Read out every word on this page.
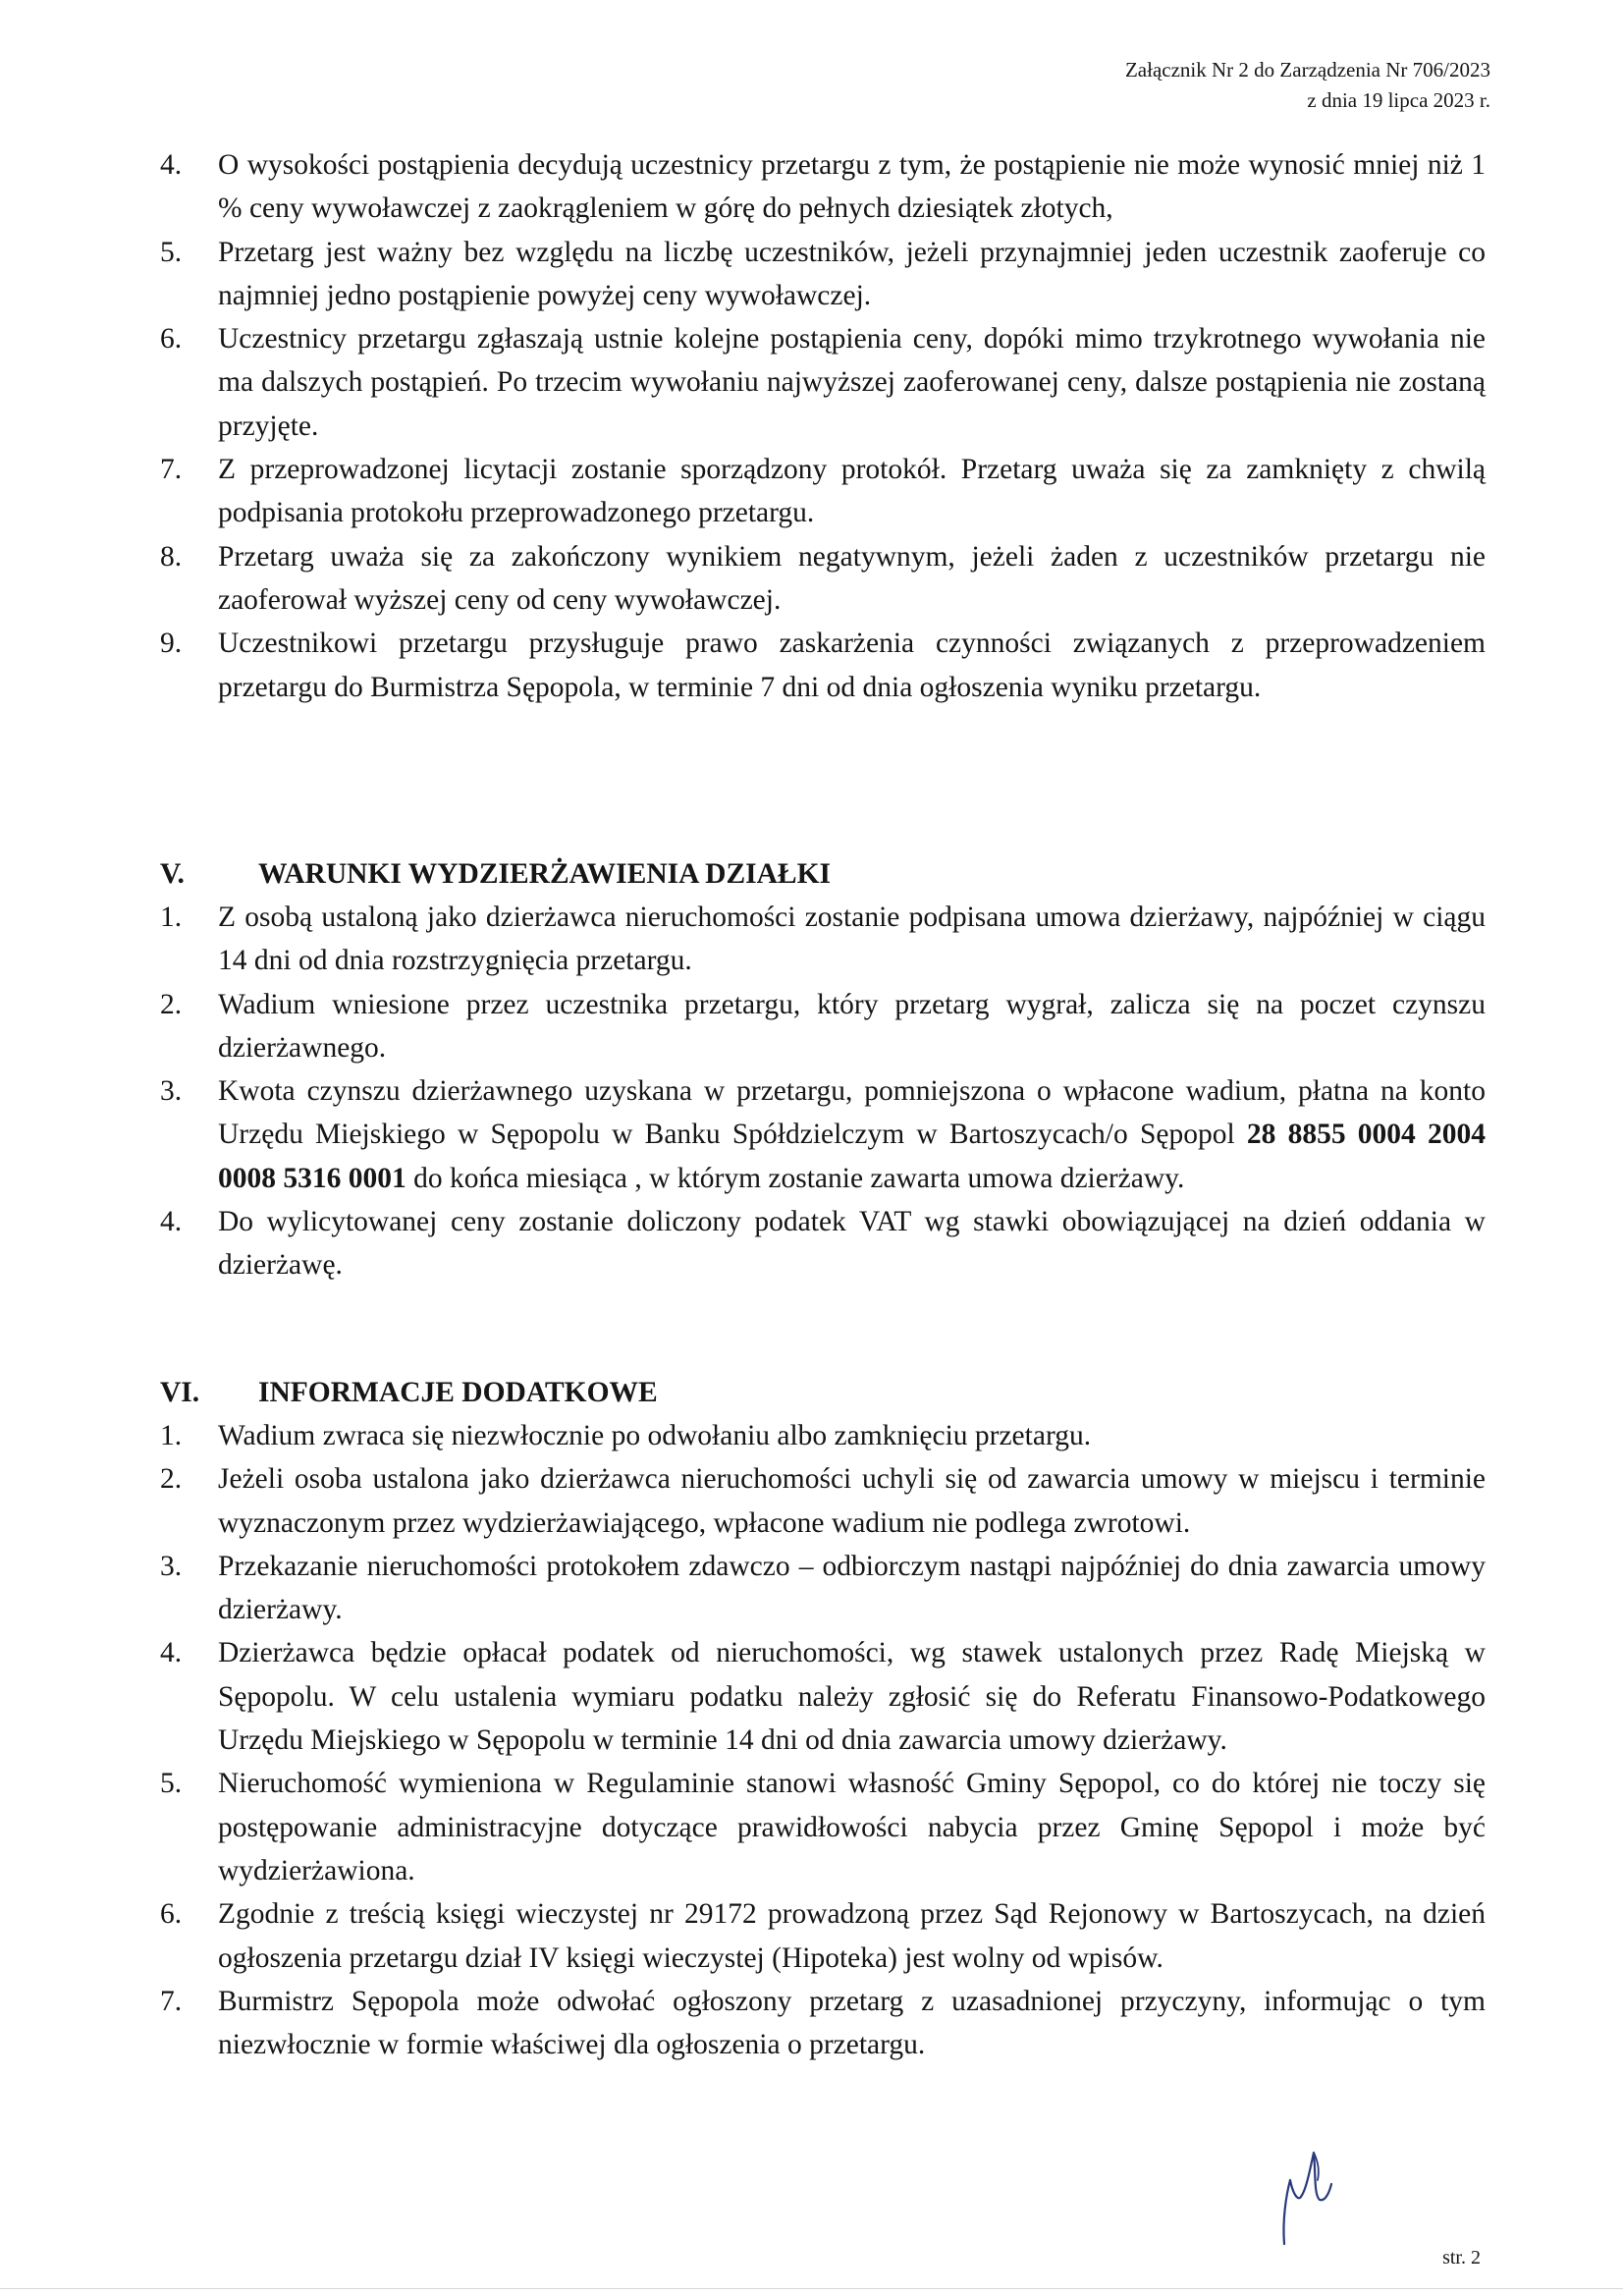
Załącznik Nr 2 do Zarządzenia Nr 706/2023
z dnia 19 lipca 2023 r.
4. O wysokości postąpienia decydują uczestnicy przetargu z tym, że postąpienie nie może wynosić mniej niż 1 % ceny wywoławczej z zaokrągleniem w górę do pełnych dziesiątek złotych,
5. Przetarg jest ważny bez względu na liczbę uczestników, jeżeli przynajmniej jeden uczestnik zaoferuje co najmniej jedno postąpienie powyżej ceny wywoławczej.
6. Uczestnicy przetargu zgłaszają ustnie kolejne postąpienia ceny, dopóki mimo trzykrotnego wywołania nie ma dalszych postąpień. Po trzecim wywołaniu najwyższej zaoferowanej ceny, dalsze postąpienia nie zostaną przyjęte.
7. Z przeprowadzonej licytacji zostanie sporządzony protokół. Przetarg uważa się za zamknięty z chwilą podpisania protokołu przeprowadzonego przetargu.
8. Przetarg uważa się za zakończony wynikiem negatywnym, jeżeli żaden z uczestników przetargu nie zaoferował wyższej ceny od ceny wywoławczej.
9. Uczestnikowi przetargu przysługuje prawo zaskarżenia czynności związanych z przeprowadzeniem przetargu do Burmistrza Sępopola, w terminie 7 dni od dnia ogłoszenia wyniku przetargu.
V.	WARUNKI WYDZIERŻAWIENIA DZIAŁKI
1. Z osobą ustaloną jako dzierżawca nieruchomości zostanie podpisana umowa dzierżawy, najpóźniej w ciągu 14 dni od dnia rozstrzygnięcia przetargu.
2. Wadium wniesione przez uczestnika przetargu, który przetarg wygrał, zalicza się na poczet czynszu dzierżawnego.
3. Kwota czynszu dzierżawnego uzyskana w przetargu, pomniejszona o wpłacone wadium, płatna na konto Urzędu Miejskiego w Sępopolu w Banku Spółdzielczym w Bartoszycach/o Sępopol 28 8855 0004 2004 0008 5316 0001 do końca miesiąca , w którym zostanie zawarta umowa dzierżawy.
4. Do wylicytowanej ceny zostanie doliczony podatek VAT wg stawki obowiązującej na dzień oddania w dzierżawę.
VI. INFORMACJE DODATKOWE
1. Wadium zwraca się niezwłocznie po odwołaniu albo zamknięciu przetargu.
2. Jeżeli osoba ustalona jako dzierżawca nieruchomości uchyli się od zawarcia umowy w miejscu i terminie wyznaczonym przez wydzierżawiającego, wpłacone wadium nie podlega zwrotowi.
3. Przekazanie nieruchomości protokołem zdawczo – odbiorczym nastąpi najpóźniej do dnia zawarcia umowy dzierżawy.
4. Dzierżawca będzie opłacał podatek od nieruchomości, wg stawek ustalonych przez Radę Miejską w Sępopolu. W celu ustalenia wymiaru podatku należy zgłosić się do Referatu Finansowo-Podatkowego Urzędu Miejskiego w Sępopolu w terminie 14 dni od dnia zawarcia umowy dzierżawy.
5. Nieruchomość wymieniona w Regulaminie stanowi własność Gminy Sępopol, co do której nie toczy się postępowanie administracyjne dotyczące prawidłowości nabycia przez Gminę Sępopol i może być wydzierżawiona.
6. Zgodnie z treścią księgi wieczystej nr 29172 prowadzoną przez Sąd Rejonowy w Bartoszycach, na dzień ogłoszenia przetargu dział IV księgi wieczystej (Hipoteka) jest wolny od wpisów.
7. Burmistrz Sępopola może odwołać ogłoszony przetarg z uzasadnionej przyczyny, informując o tym niezwłocznie w formie właściwej dla ogłoszenia o przetargu.
str. 2
